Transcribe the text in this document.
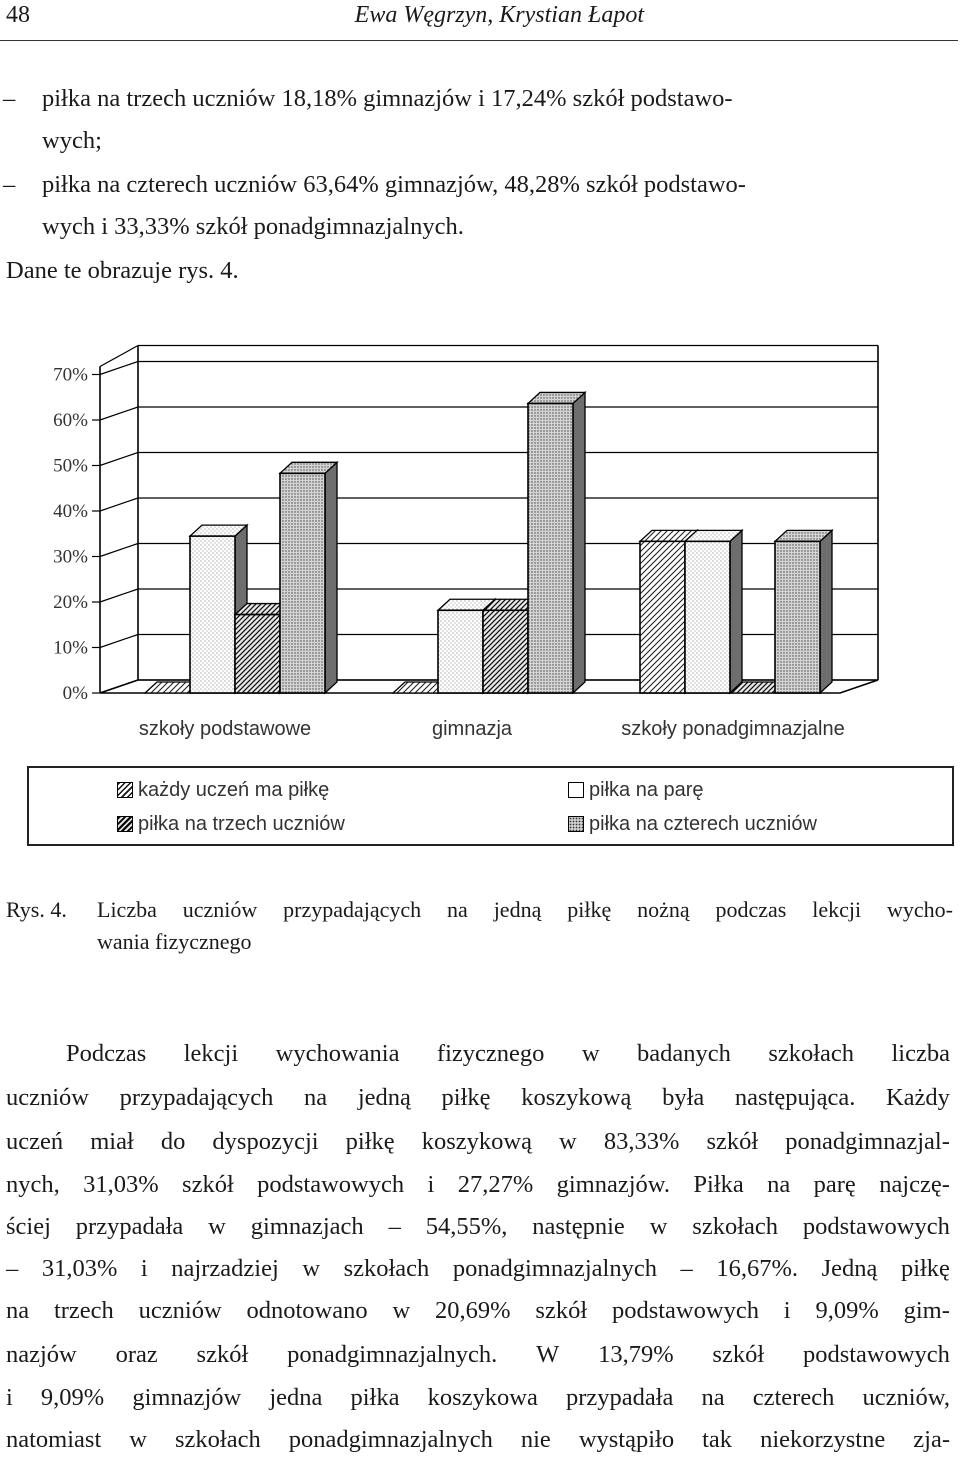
48	Ewa Węgrzyn, Krystian Łapot
– piłka na trzech uczniów 18,18% gimnazjów i 17,24% szkół podstawo-
wych;
– piłka na czterech uczniów 63,64% gimnazjów, 48,28% szkół podstawo-
wych i 33,33% szkół ponadgimnazjalnych.
Dane te obrazuje rys. 4.
70%
60%
50%
40%
30%
20%
10%
0%
szkoły podstawowe	gimnazja	szkoły ponadgimnazjalne
każdy uczeń ma piłkę	piłka na parę
piłka na trzech uczniów	piłka na czterech uczniów
Rys. 4. Liczba uczniów przypadających na jedną piłkę nożną podczas lekcji wycho-
wania fizycznego
Podczas lekcji wychowania fizycznego w badanych szkołach liczba
uczniów przypadających na jedną piłkę koszykową była następująca. Każdy
uczeń miał do dyspozycji piłkę koszykową w 83,33% szkół ponadgimnazjal-
nych, 31,03% szkół podstawowych i 27,27% gimnazjów. Piłka na parę najczę-
ściej przypadała w gimnazjach – 54,55%, następnie w szkołach podstawowych
– 31,03% i najrzadziej w szkołach ponadgimnazjalnych – 16,67%. Jedną piłkę
na trzech uczniów odnotowano w 20,69% szkół podstawowych i 9,09% gim-
nazjów oraz szkół ponadgimnazjalnych. W 13,79% szkół podstawowych
i 9,09% gimnazjów jedna piłka koszykowa przypadała na czterech uczniów,
natomiast w szkołach ponadgimnazjalnych nie wystąpiło tak niekorzystne zja-
